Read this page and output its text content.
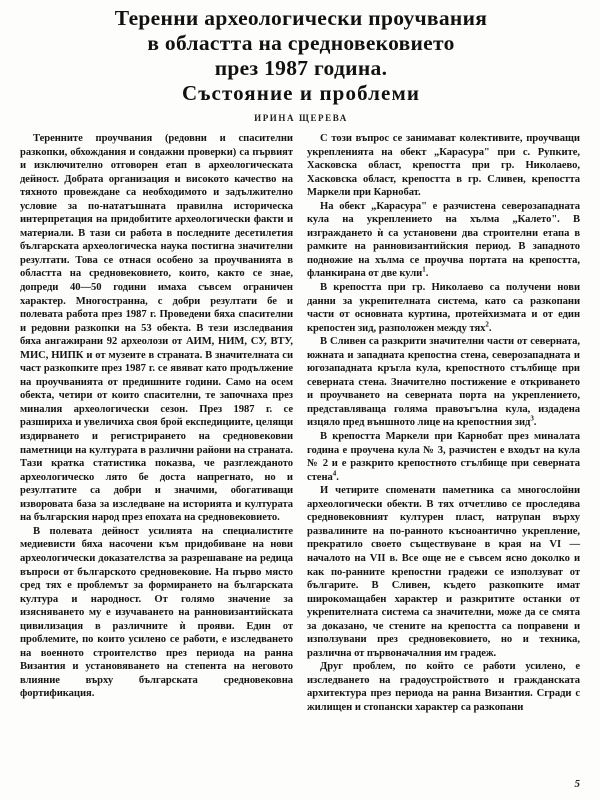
Теренни археологически проучвания
в областта на средновековието
през 1987 година.
Състояние и проблеми
ИРИНА ЩЕРЕВА

Теренните проучвания (редовни и спасителни разкопки, обхождания и сондажни проверки) са първият и изключително отговорен етап в археологическата дейност. Добрата организация и високото качество на тяхното провеждане са необходимото и задължително условие за по-нататъшната правилна историческа интерпретация на придобитите археологически факти и материали. В тази си работа в последните десетилетия българската археологическа наука постигна значителни резултати. Това се отнася особено за проучванията в областта на средновековието, които, както се знае, допреди 40—50 години имаха съвсем ограничен характер. Многостранна, с добри резултати бе и полевата работа през 1987 г. Проведени бяха спасителни и редовни разкопки на 53 обекта. В тези изследвания бяха ангажирани 92 археолози от АИМ, НИМ, СУ, ВТУ, МИС, НИПК и от музеите в страната. В значителната си част разкопките през 1987 г. се явяват като продължение на проучванията от предишните години. Само на осем обекта, четири от които спасителни, те започнаха през миналия археологически сезон. През 1987 г. се разшириха и увеличиха своя брой експедициите, целящи издирването и регистрирането на средновековни паметници на културата в различни райони на страната. Тази кратка статистика показва, че разглежданото археологическо лято бе доста напрегнато, но и резултатите са добри и значими, обогативащи изворовата база за изследване на историята и културата на българския народ през епохата на средновековието.

В полевата дейност усилията на специалистите медиевисти бяха насочени към придобиване на нови археологически доказателства за разрешаване на редица въпроси от българското средновековие. На първо място сред тях е проблемът за формирането на българската култура и народност. От голямо значение за изясняването му е изучаването на ранновизантийската цивилизация в различните ѝ прояви. Един от проблемите, по които усилено се работи, е изследването на военното строителство през периода на ранна Византия и установяването на степента на неговото влияние върху българската средновековна фортификация.

С този въпрос се занимават колективите, проучващи укрепленията на обект „Карасура" при с. Рупките, Хасковска област, крепостта при гр. Николаево, Хасковска област, крепостта в гр. Сливен, крепостта Маркели при Карнобат.

На обект „Карасура" е разчистена северозападната кула на укреплението на хълма „Калето". В изграждането ѝ са установени два строителни етапа в рамките на ранновизантийския период. В западното подножие на хълма се проучва портата на крепостта, фланкирана от две кули$^1$.

В крепостта при гр. Николаево са получени нови данни за укрепителната система, като са разкопани части от основната куртина, протейхизмата и от един крепостен зид, разположен между тях$^2$.

В Сливен са разкрити значителни части от северната, южната и западната крепостна стена, северозападната и югозападната кръгла кула, крепостното стълбище при северната стена. Значително постижение е откриването и проучването на северната порта на укреплението, представляваща голяма правоъгълна кула, издадена изцяло пред външното лице на крепостния зид$^3$.

В крепостта Маркели при Карнобат през миналата година е проучена кула № 3, разчистен е входът на кула № 2 и е разкрито крепостното стълбище при северната стена$^4$.

И четирите споменати паметника са многослойни археологически обекти. В тях отчетливо се проследява средновековният културен пласт, натрупан върху развалините на по-ранното къснoантично укрепление, прекратило своето съществуване в края на VI — началото на VII в. Все още не е съвсем ясно доколко и как по-ранните крепостни градежи се използуват от българите. В Сливен, където разкопките имат широкомащабен характер и разкритите останки от укрепителната система са значителни, може да се смята за доказано, че стените на крепостта са поправени и използувани през средновековието, но и техника, различна от първоначалния им градеж.

Друг проблем, по който се работи усилено, е изследването на градоустройството и гражданската архитектура през периода на ранна Византия. Сгради с жилищен и стопански характер са разкопани

5
